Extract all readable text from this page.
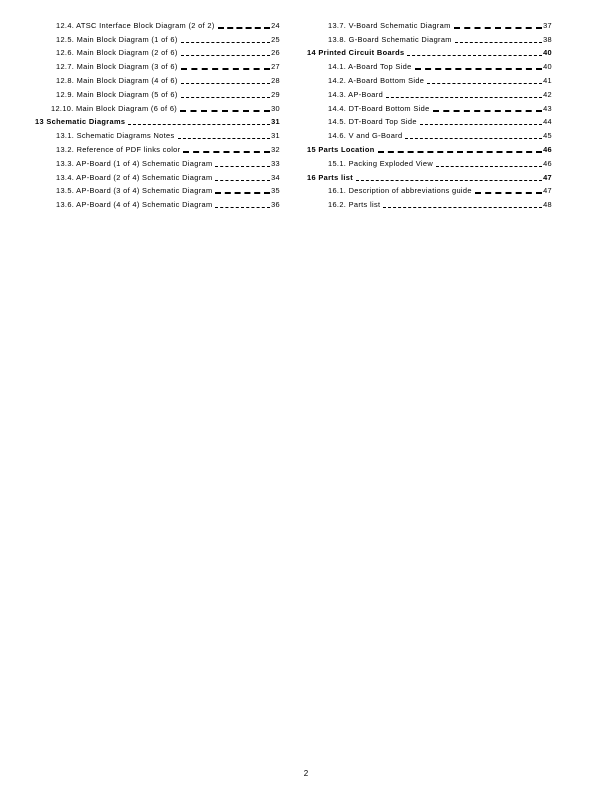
12.4. ATSC Interface Block Diagram (2 of 2)	24
12.5. Main Block Diagram (1 of 6)	25
12.6. Main Block Diagram (2 of 6)	26
12.7. Main Block Diagram (3 of 6)	27
12.8. Main Block Diagram (4 of 6)	28
12.9. Main Block Diagram (5 of 6)	29
12.10. Main Block Diagram (6 of 6)	30
13 Schematic Diagrams	31
13.1. Schematic Diagrams Notes	31
13.2. Reference of PDF links color	32
13.3. AP-Board (1 of 4) Schematic Diagram	33
13.4. AP-Board (2 of 4) Schematic Diagram	34
13.5. AP-Board (3 of 4) Schematic Diagram	35
13.6. AP-Board (4 of 4) Schematic Diagram	36
13.7. V-Board Schematic Diagram	37
13.8. G-Board Schematic Diagram	38
14 Printed Circuit Boards	40
14.1. A-Board Top Side	40
14.2. A-Board Bottom Side	41
14.3. AP-Board	42
14.4. DT-Board Bottom Side	43
14.5. DT-Board Top Side	44
14.6. V and G-Board	45
15 Parts Location	46
15.1. Packing Exploded View	46
16 Parts list	47
16.1. Description of abbreviations guide	47
16.2. Parts list	48
2
